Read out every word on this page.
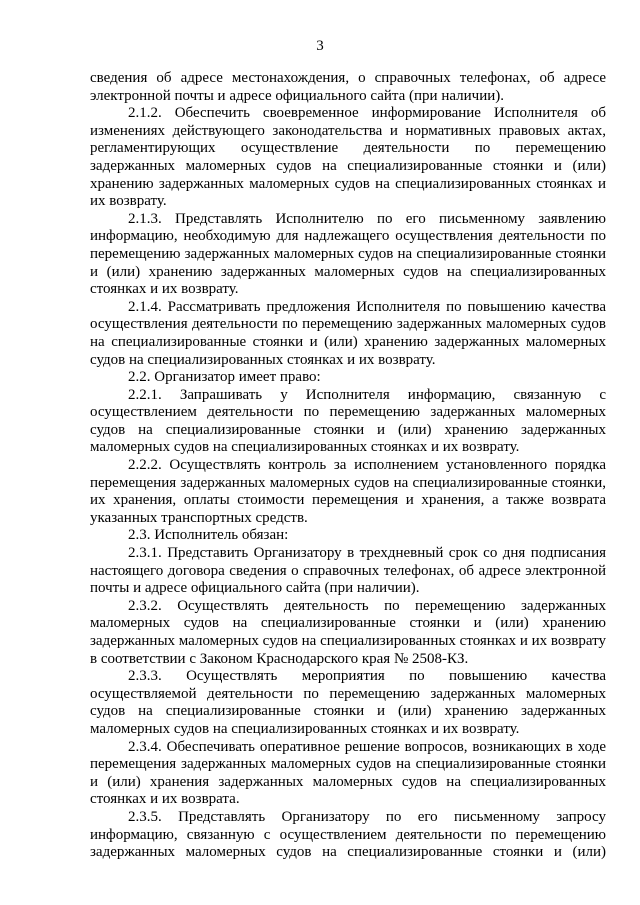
3

сведения об адресе местонахождения, о справочных телефонах, об адресе электронной почты и адресе официального сайта (при наличии).

2.1.2. Обеспечить своевременное информирование Исполнителя об изменениях действующего законодательства и нормативных правовых актах, регламентирующих осуществление деятельности по перемещению задержанных маломерных судов на специализированные стоянки и (или) хранению задержанных маломерных судов на специализированных стоянках и их возврату.

2.1.3. Представлять Исполнителю по его письменному заявлению информацию, необходимую для надлежащего осуществления деятельности по перемещению задержанных маломерных судов на специализированные стоянки и (или) хранению задержанных маломерных судов на специализированных стоянках и их возврату.

2.1.4. Рассматривать предложения Исполнителя по повышению качества осуществления деятельности по перемещению задержанных маломерных судов на специализированные стоянки и (или) хранению задержанных маломерных судов на специализированных стоянках и их возврату.

2.2. Организатор имеет право:

2.2.1. Запрашивать у Исполнителя информацию, связанную с осуществлением деятельности по перемещению задержанных маломерных судов на специализированные стоянки и (или) хранению задержанных маломерных судов на специализированных стоянках и их возврату.

2.2.2. Осуществлять контроль за исполнением установленного порядка перемещения задержанных маломерных судов на специализированные стоянки, их хранения, оплаты стоимости перемещения и хранения, а также возврата указанных транспортных средств.

2.3. Исполнитель обязан:

2.3.1. Представить Организатору в трехдневный срок со дня подписания настоящего договора сведения о справочных телефонах, об адресе электронной почты и адресе официального сайта (при наличии).

2.3.2. Осуществлять деятельность по перемещению задержанных маломерных судов на специализированные стоянки и (или) хранению задержанных маломерных судов на специализированных стоянках и их возврату в соответствии с Законом Краснодарского края № 2508-КЗ.

2.3.3. Осуществлять мероприятия по повышению качества осуществляемой деятельности по перемещению задержанных маломерных судов на специализированные стоянки и (или) хранению задержанных маломерных судов на специализированных стоянках и их возврату.

2.3.4. Обеспечивать оперативное решение вопросов, возникающих в ходе перемещения задержанных маломерных судов на специализированные стоянки и (или) хранения задержанных маломерных судов на специализированных стоянках и их возврата.

2.3.5. Представлять Организатору по его письменному запросу информацию, связанную с осуществлением деятельности по перемещению задержанных маломерных судов на специализированные стоянки и (или)
